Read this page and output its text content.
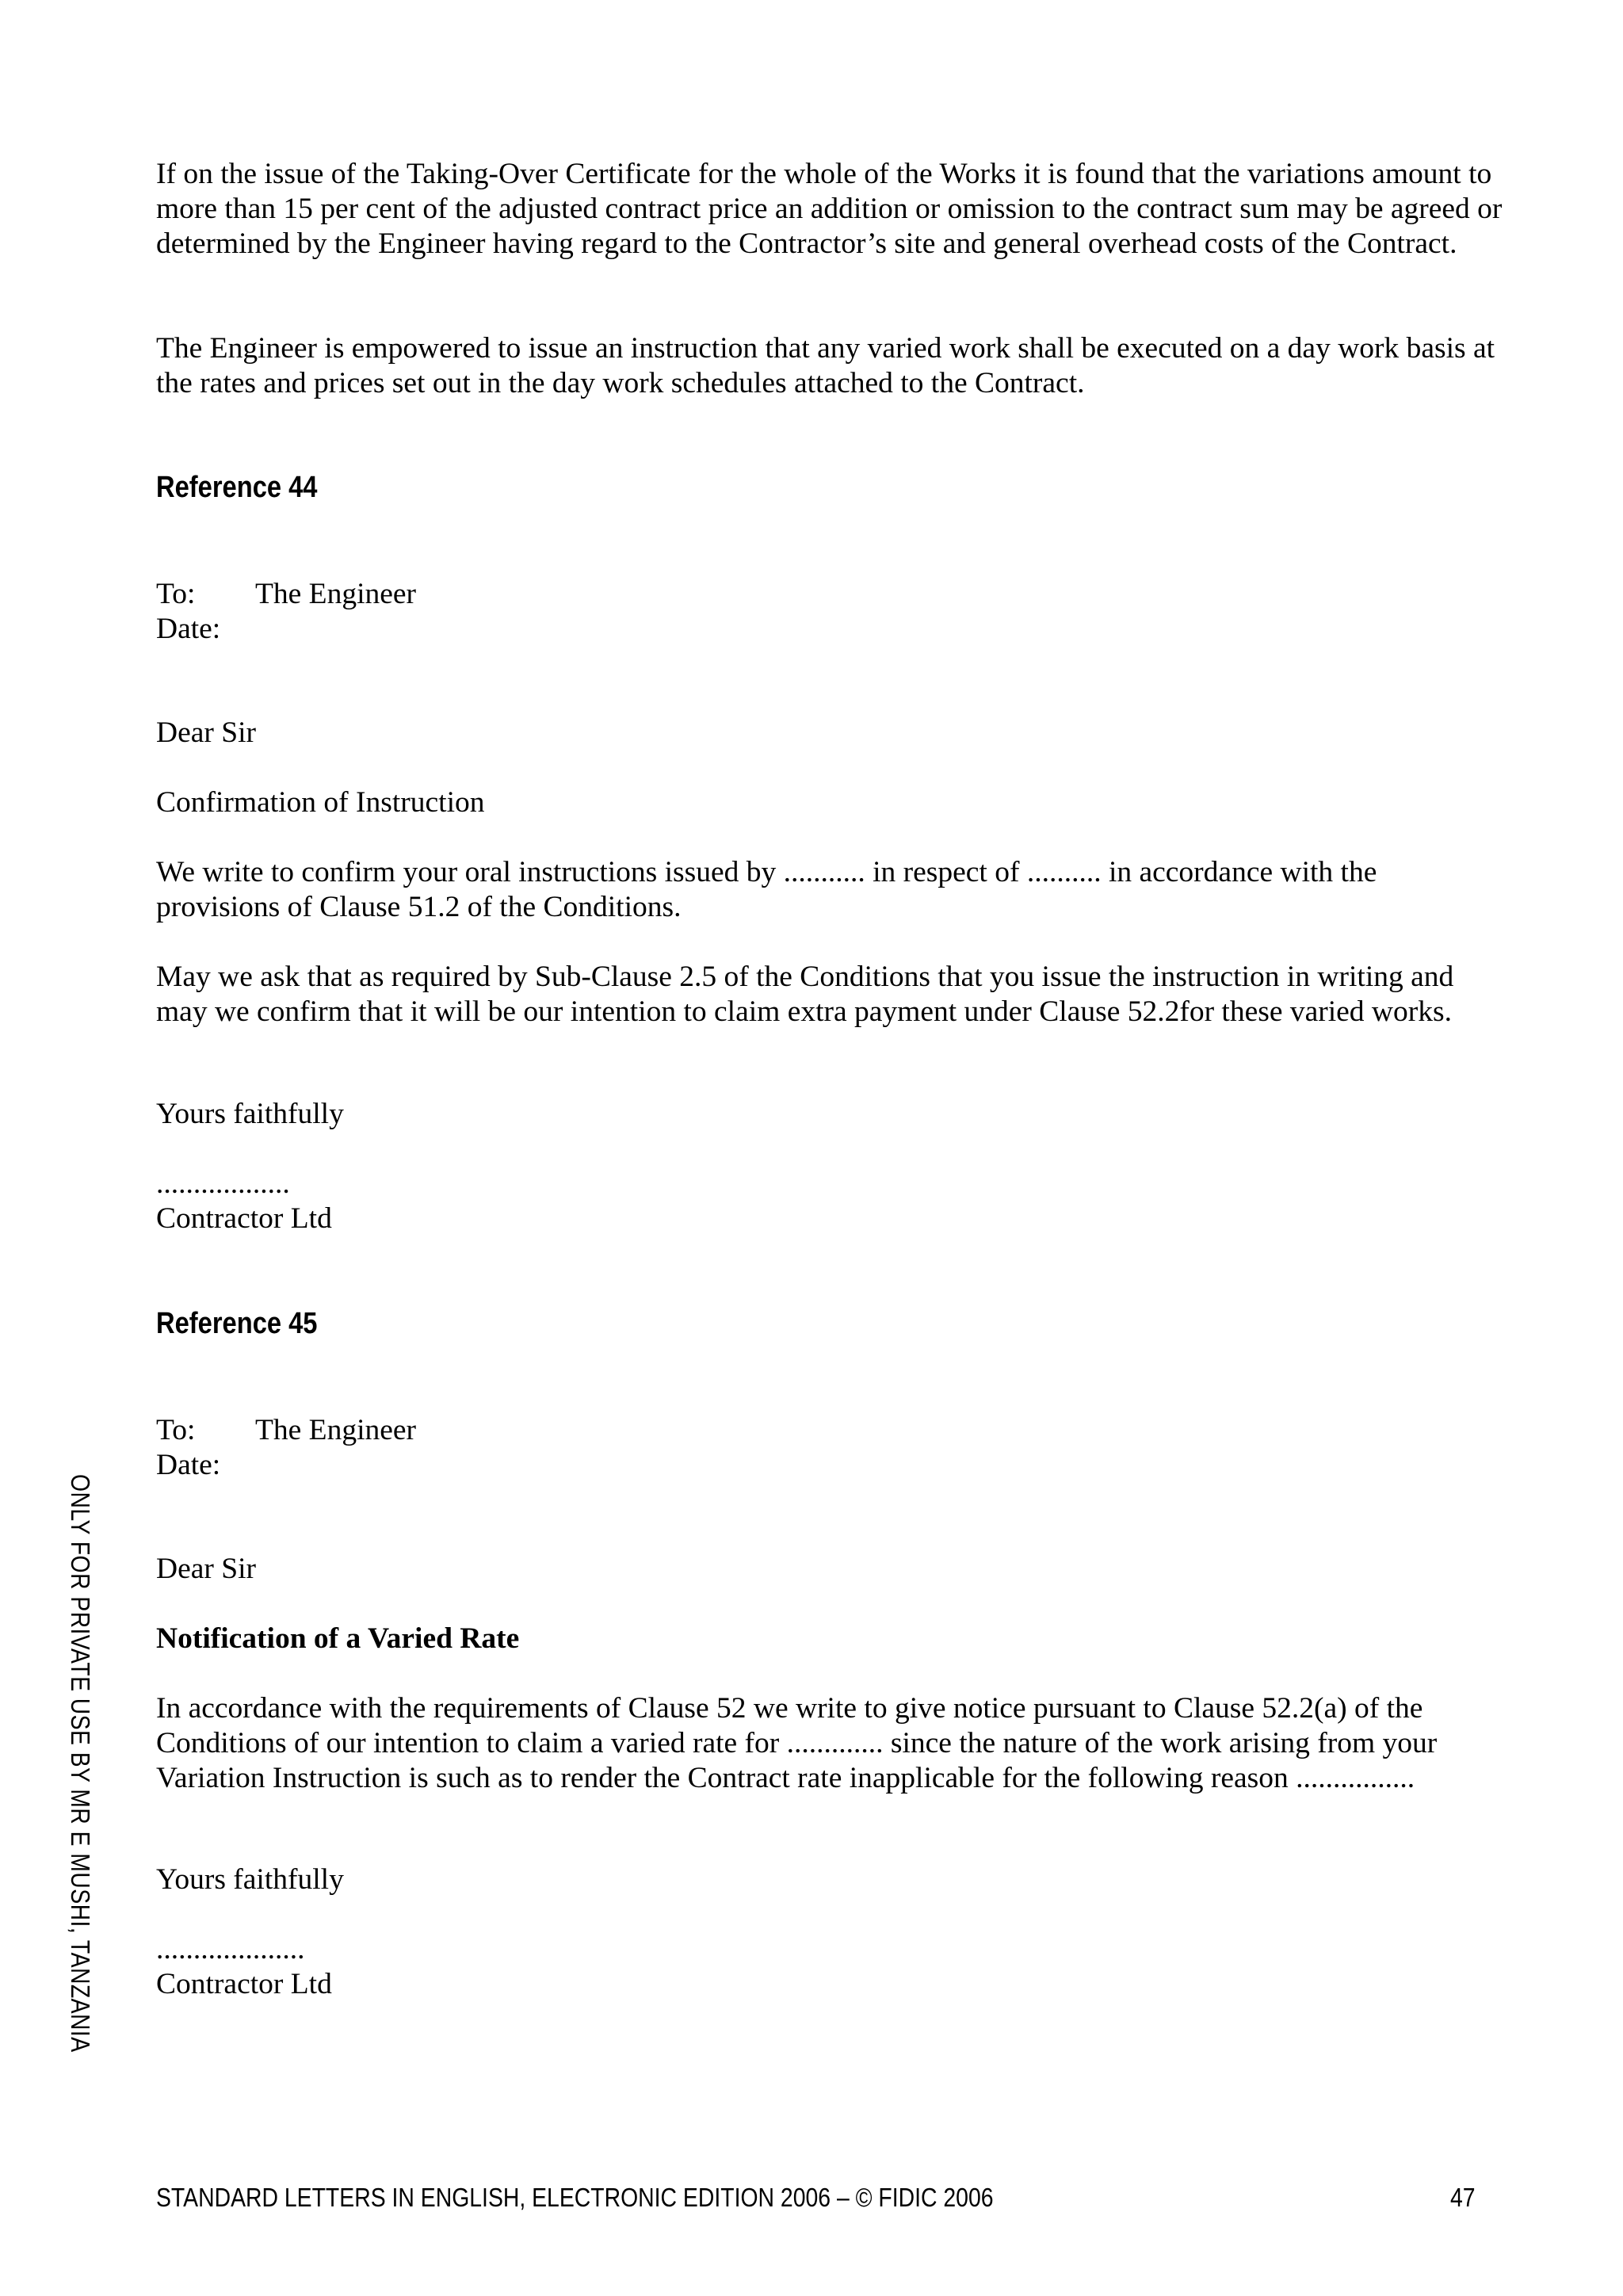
If on the issue of the Taking-Over Certificate for the whole of the Works it is found that the variations amount to more than 15 per cent of the adjusted contract price an addition or omission to the contract sum may be agreed or determined by the Engineer having regard to the Contractor’s site and general overhead costs of the Contract.

The Engineer is empowered to issue an instruction that any varied work shall be executed on a day work basis at the rates and prices set out in the day work schedules attached to the Contract.

Reference 44
To: The Engineer
Date:

Dear Sir

Confirmation of Instruction

We write to confirm your oral instructions issued by ........... in respect of .......... in accordance with the provisions of Clause 51.2 of the Conditions.

May we ask that as required by Sub-Clause 2.5 of the Conditions that you issue the instruction in writing and may we confirm that it will be our intention to claim extra payment under Clause 52.2for these varied works.

Yours faithfully

..................

Contractor Ltd

Reference 45
To: The Engineer
Date:

Dear Sir

Notification of a Varied Rate

In accordance with the requirements of Clause 52 we write to give notice pursuant to Clause 52.2(a) of the Conditions of our intention to claim a varied rate for ............. since the nature of the work arising from your Variation Instruction is such as to render the Contract rate inapplicable for the following reason ................

Yours faithfully

....................

Contractor Ltd

ONLY FOR PRIVATE USE BY MR E MUSHI, TANZANIA
STANDARD LETTERS IN ENGLISH, ELECTRONIC EDITION 2006 – © FIDIC 2006	47
